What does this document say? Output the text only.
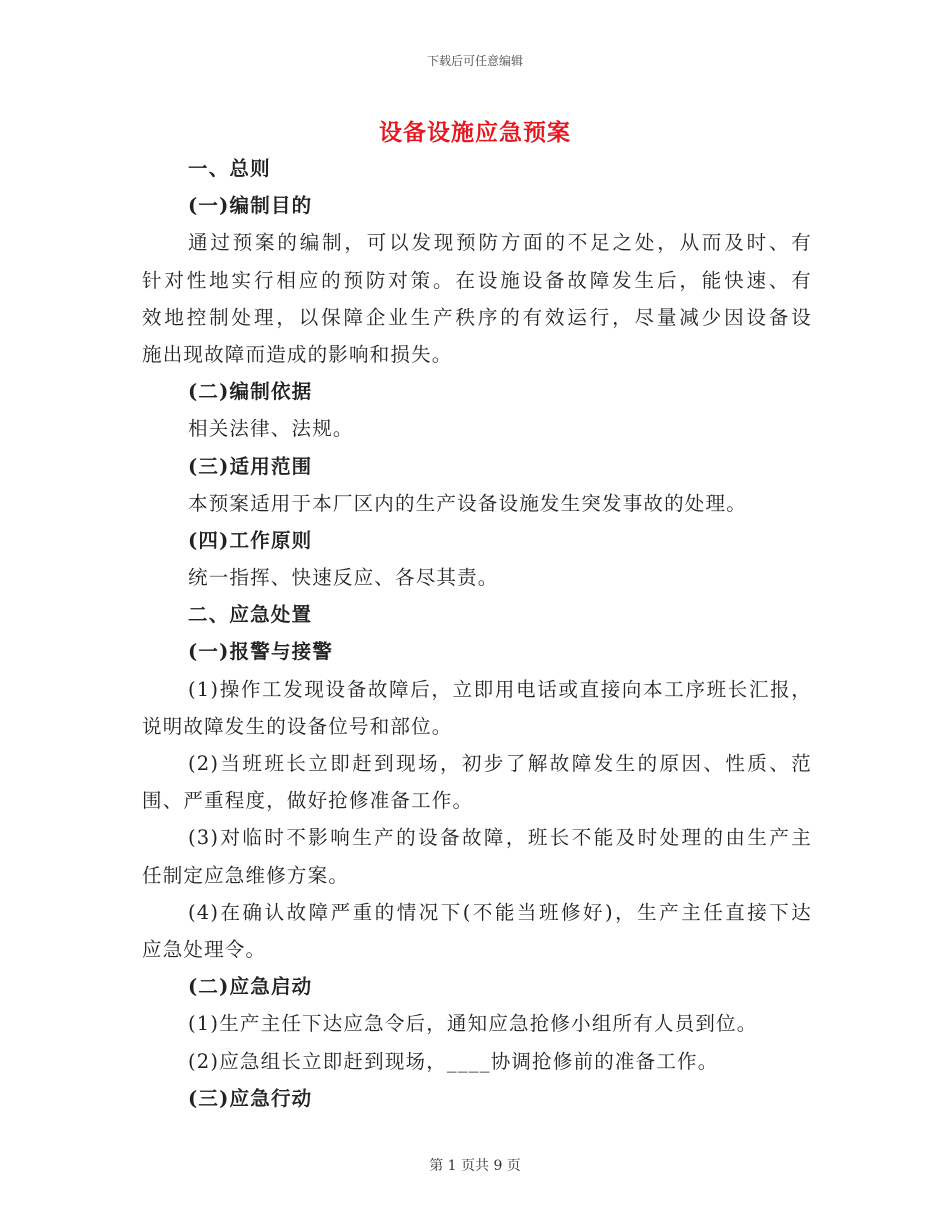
下载后可任意编辑
设备设施应急预案
一、总则
(一)编制目的
通过预案的编制，可以发现预防方面的不足之处，从而及时、有
针对性地实行相应的预防对策。在设施设备故障发生后，能快速、有
效地控制处理，以保障企业生产秩序的有效运行，尽量减少因设备设
施出现故障而造成的影响和损失。
(二)编制依据
相关法律、法规。
(三)适用范围
本预案适用于本厂区内的生产设备设施发生突发事故的处理。
(四)工作原则
统一指挥、快速反应、各尽其责。
二、应急处置
(一)报警与接警
(1)操作工发现设备故障后，立即用电话或直接向本工序班长汇报，
说明故障发生的设备位号和部位。
(2)当班班长立即赶到现场，初步了解故障发生的原因、性质、范
围、严重程度，做好抢修准备工作。
(3)对临时不影响生产的设备故障，班长不能及时处理的由生产主
任制定应急维修方案。
(4)在确认故障严重的情况下(不能当班修好)，生产主任直接下达
应急处理令。
(二)应急启动
(1)生产主任下达应急令后，通知应急抢修小组所有人员到位。
(2)应急组长立即赶到现场，____协调抢修前的准备工作。
(三)应急行动
第 1 页共 9 页
